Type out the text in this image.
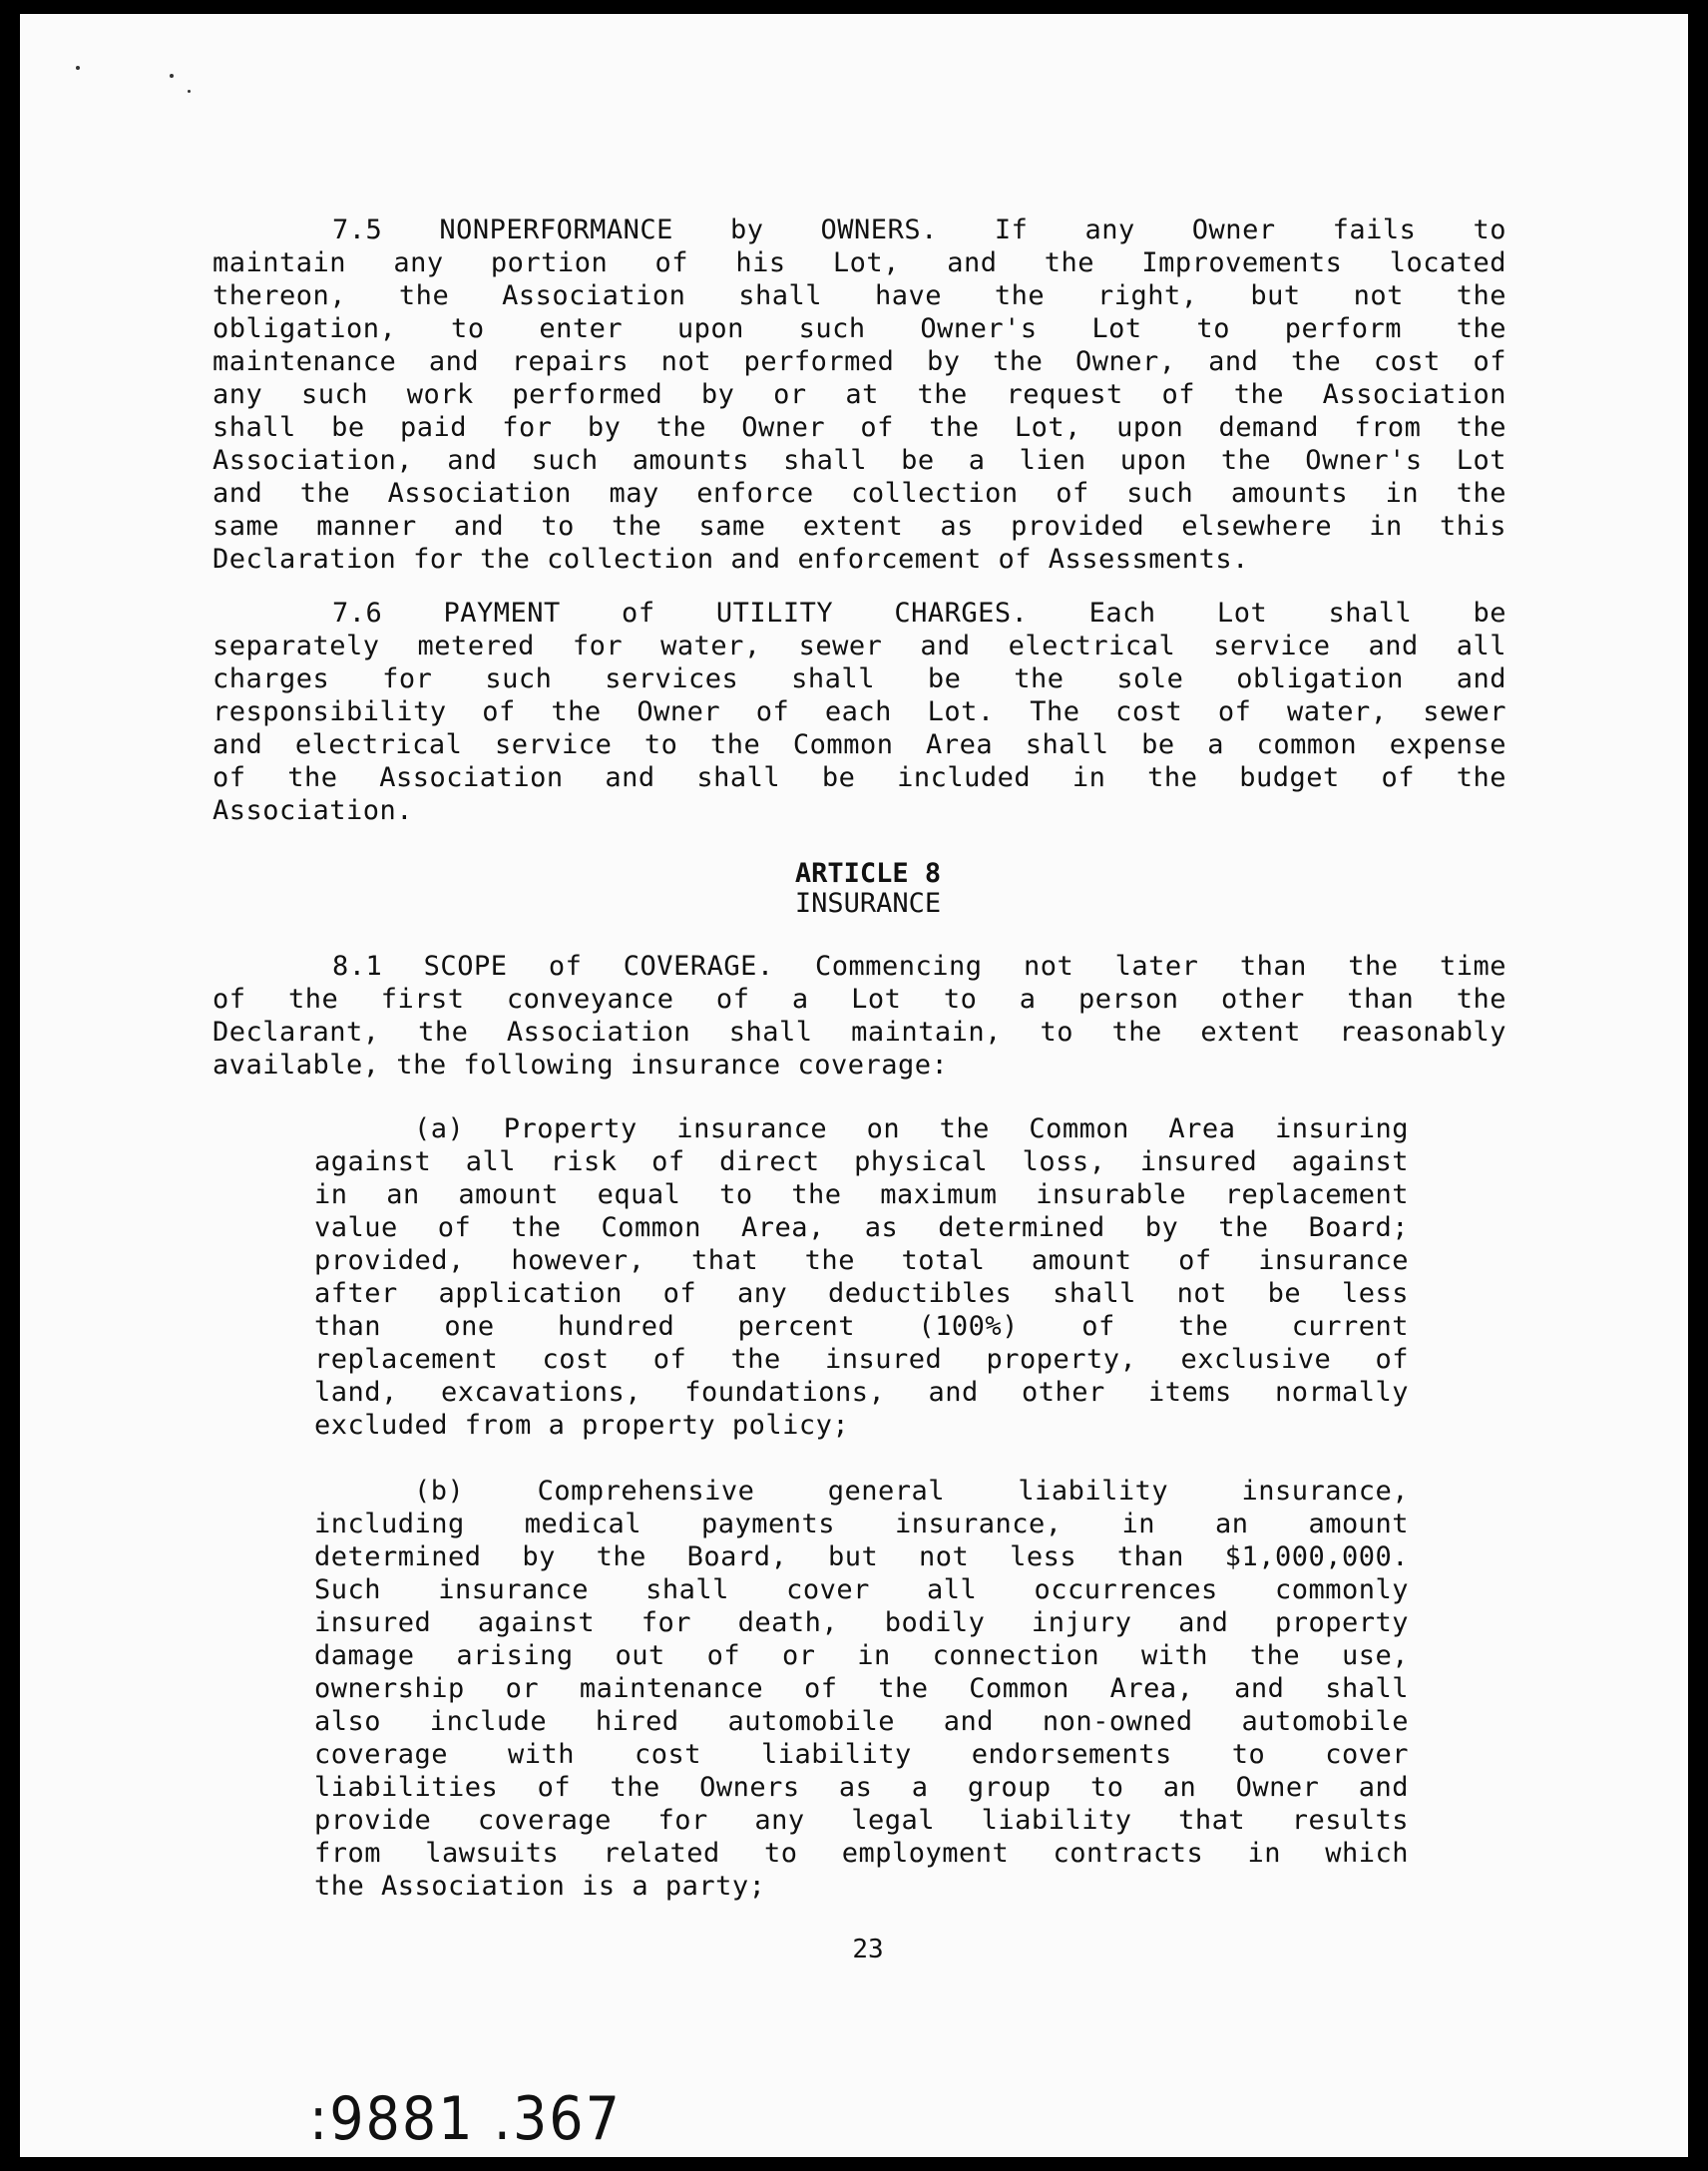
7.5 NONPERFORMANCE by OWNERS. If any Owner fails to
maintain any portion of his Lot, and the Improvements located
thereon, the Association shall have the right, but not the
obligation, to enter upon such Owner's Lot to perform the
maintenance and repairs not performed by the Owner, and the cost of
any such work performed by or at the request of the Association
shall be paid for by the Owner of the Lot, upon demand from the
Association, and such amounts shall be a lien upon the Owner's Lot
and the Association may enforce collection of such amounts in the
same manner and to the same extent as provided elsewhere in this
Declaration for the collection and enforcement of Assessments.
7.6 PAYMENT of UTILITY CHARGES. Each Lot shall be
separately metered for water, sewer and electrical service and all
charges for such services shall be the sole obligation and
responsibility of the Owner of each Lot. The cost of water, sewer
and electrical service to the Common Area shall be a common expense
of the Association and shall be included in the budget of the
Association.
ARTICLE 8
INSURANCE
8.1 SCOPE of COVERAGE. Commencing not later than the time
of the first conveyance of a Lot to a person other than the
Declarant, the Association shall maintain, to the extent reasonably
available, the following insurance coverage:
(a) Property insurance on the Common Area insuring
against all risk of direct physical loss, insured against
in an amount equal to the maximum insurable replacement
value of the Common Area, as determined by the Board;
provided, however, that the total amount of insurance
after application of any deductibles shall not be less
than one hundred percent (100%) of the current
replacement cost of the insured property, exclusive of
land, excavations, foundations, and other items normally
excluded from a property policy;
(b) Comprehensive general liability insurance,
including medical payments insurance, in an amount
determined by the Board, but not less than $1,000,000.
Such insurance shall cover all occurrences commonly
insured against for death, bodily injury and property
damage arising out of or in connection with the use,
ownership or maintenance of the Common Area, and shall
also include hired automobile and non-owned automobile
coverage with cost liability endorsements to cover
liabilities of the Owners as a group to an Owner and
provide coverage for any legal liability that results
from lawsuits related to employment contracts in which
the Association is a party;
23
:9881 .367
